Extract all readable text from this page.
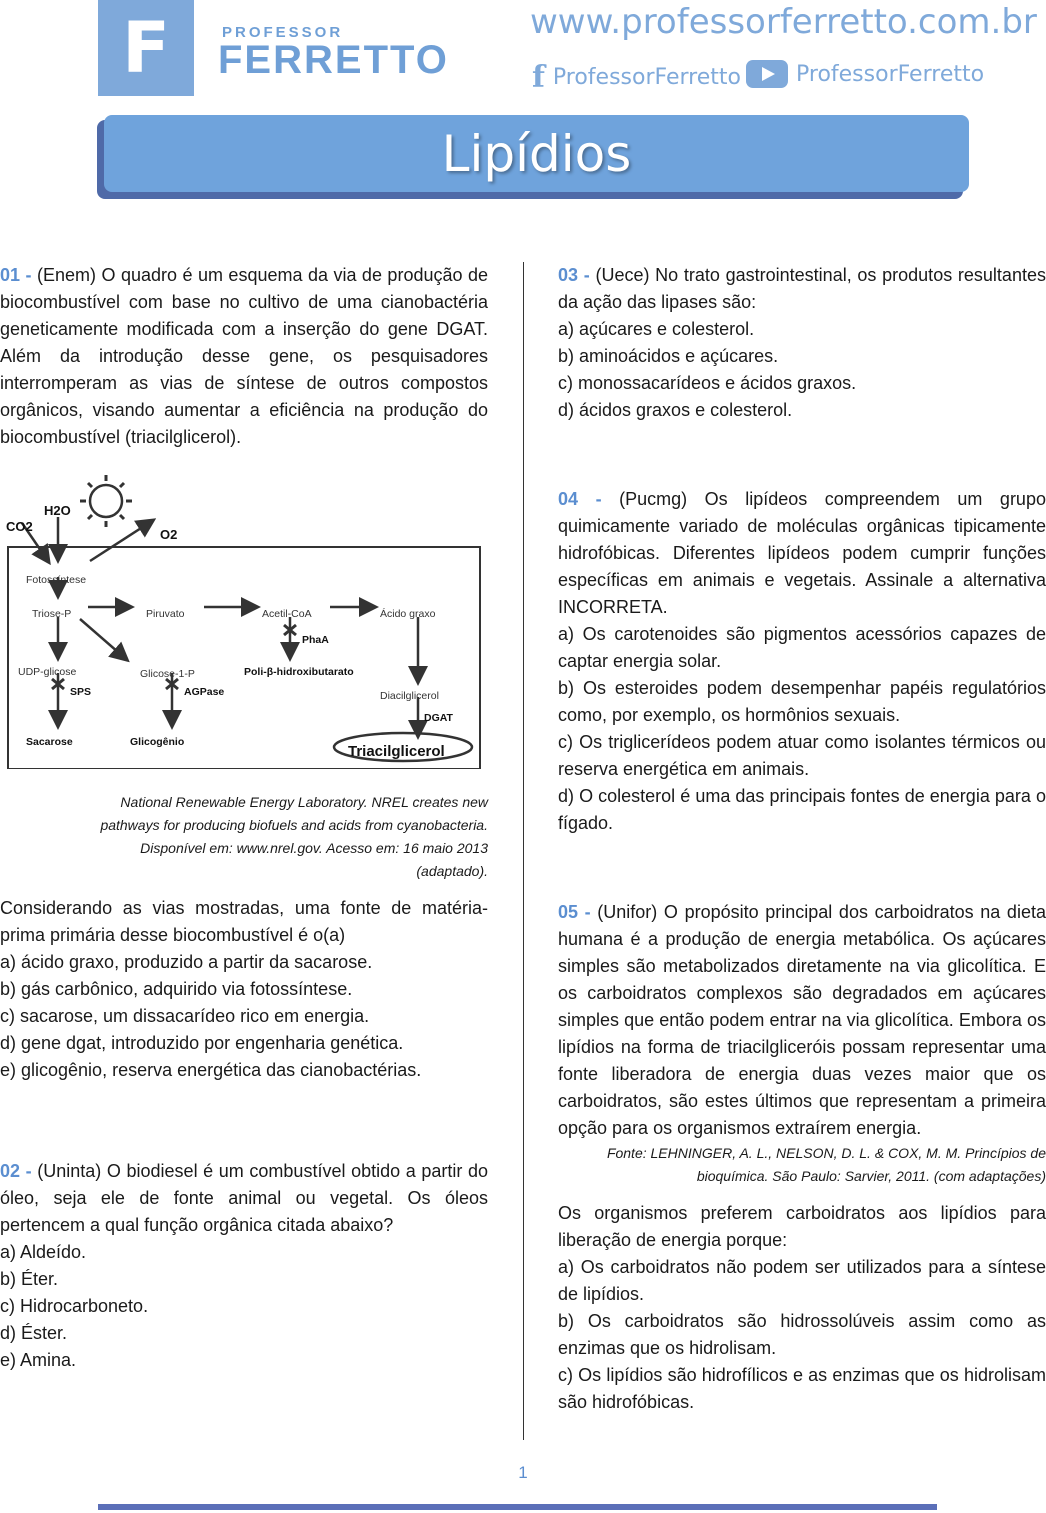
F	PROFESSOR
FERRETTO
www.professorferretto.com.br
f ProfessorFerretto	ProfessorFerretto
Lipídios

01 - (Enem) O quadro é um esquema da via de produção de biocombustível com base no cultivo de uma cianobactéria geneticamente modificada com a inserção do gene DGAT. Além da introdução desse gene, os pesquisadores interromperam as vias de síntese de outros compostos orgânicos, visando aumentar a eficiência na produção do biocombustível (triacilglicerol).

CO2
H2O
O2
Fotossíntese
Triose-P	Piruvato	Acetil-CoA	Ácido graxo
PhaA
Poli-β-hidroxibutarato
UDP-glicose
SPS
Glicose-1-P
AGPase	Diacilglicerol
DGAT
Sacarose	Glicogênio
Triacilglicerol

National Renewable Energy Laboratory. NREL creates new
pathways for producing biofuels and acids from cyanobacteria.
Disponível em: www.nrel.gov. Acesso em: 16 maio 2013
(adaptado).

Considerando as vias mostradas, uma fonte de matéria-prima primária desse biocombustível é o(a)

a) ácido graxo, produzido a partir da sacarose.

b) gás carbônico, adquirido via fotossíntese.

c) sacarose, um dissacarídeo rico em energia.

d) gene dgat, introduzido por engenharia genética.

e) glicogênio, reserva energética das cianobactérias.

02 - (Uninta) O biodiesel é um combustível obtido a partir do óleo, seja ele de fonte animal ou vegetal. Os óleos pertencem a qual função orgânica citada abaixo?

a) Aldeído.

b) Éter.

c) Hidrocarboneto.

d) Éster.

e) Amina.

03 - (Uece) No trato gastrointestinal, os produtos resultantes da ação das lipases são:

a) açúcares e colesterol.

b) aminoácidos e açúcares.

c) monossacarídeos e ácidos graxos.

d) ácidos graxos e colesterol.

04 - (Pucmg) Os lipídeos compreendem um grupo quimicamente variado de moléculas orgânicas tipicamente hidrofóbicas. Diferentes lipídeos podem cumprir funções específicas em animais e vegetais. Assinale a alternativa INCORRETA.

a) Os carotenoides são pigmentos acessórios capazes de captar energia solar.

b) Os esteroides podem desempenhar papéis regulatórios como, por exemplo, os hormônios sexuais.

c) Os triglicerídeos podem atuar como isolantes térmicos ou reserva energética em animais.

d) O colesterol é uma das principais fontes de energia para o fígado.

05 - (Unifor) O propósito principal dos carboidratos na dieta humana é a produção de energia metabólica. Os açúcares simples são metabolizados diretamente na via glicolítica. E os carboidratos complexos são degradados em açúcares simples que então podem entrar na via glicolítica. Embora os lipídios na forma de triacilgliceróis possam representar uma fonte liberadora de energia duas vezes maior que os carboidratos, são estes últimos que representam a primeira opção para os organismos extraírem energia.

Fonte: LEHNINGER, A. L., NELSON, D. L. & COX, M. M. Princípios de
bioquímica. São Paulo: Sarvier, 2011. (com adaptações)

Os organismos preferem carboidratos aos lipídios para liberação de energia porque:

a) Os carboidratos não podem ser utilizados para a síntese de lipídios.

b) Os carboidratos são hidrossolúveis assim como as enzimas que os hidrolisam.

c) Os lipídios são hidrofílicos e as enzimas que os hidrolisam são hidrofóbicas.

1
